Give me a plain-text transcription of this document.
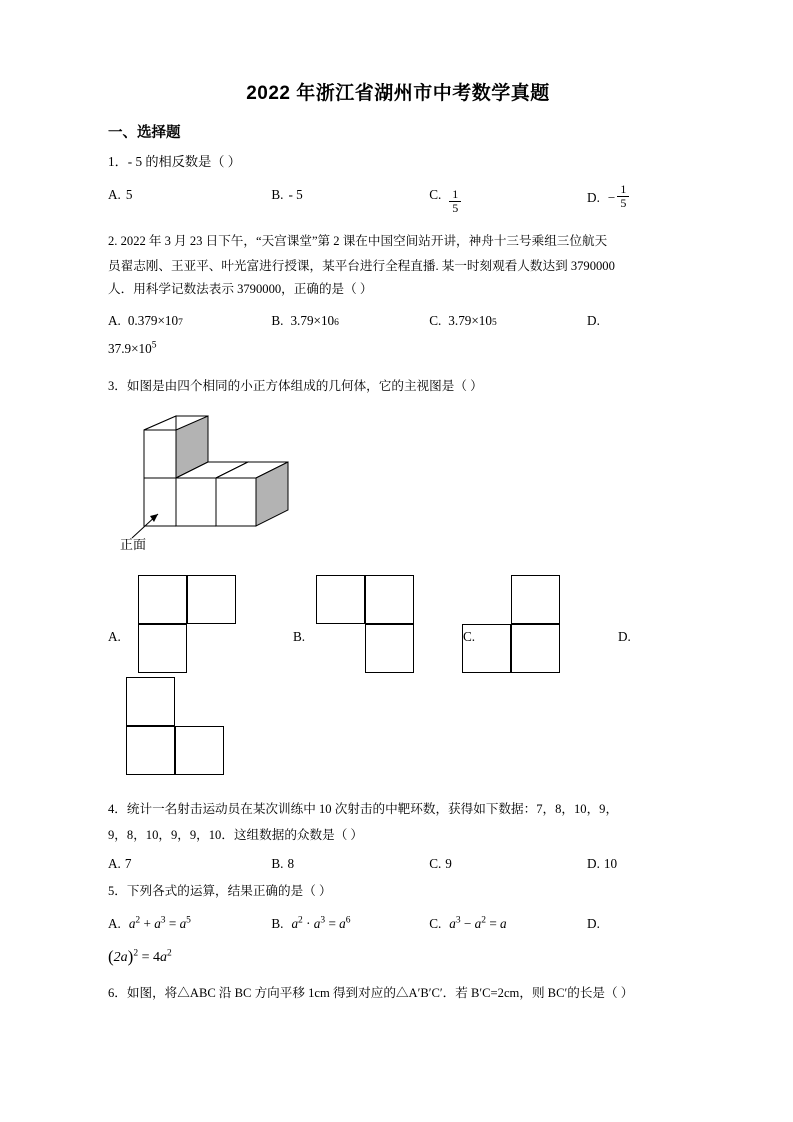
2022 年浙江省湖州市中考数学真题
一、选择题
1．- 5 的相反数是（ ）
A. 5	B. - 5	C. $\frac{1}{5}$	D. − $\frac{1}{5}$
2. 2022 年 3 月 23 日下午，“天宫课堂”第 2 课在中国空间站开讲，神舟十三号乘组三位航天
员翟志刚、王亚平、叶光富进行授课，某平台进行全程直播. 某一时刻观看人数达到 3790000
人．用科学记数法表示 3790000，正确的是（ ）
A. $0.379\times 10_7$	B. $3.79\times 10_6$	C. $3.79\times 10_5$	D.
$37.9\times 10^5$
3．如图是由四个相同的小正方体组成的几何体，它的主视图是（ ）
正面
A.	B.	C.	D.
4．统计一名射击运动员在某次训练中 10 次射击的中靶环数，获得如下数据：7，8，10，9，
9，8，10，9，9，10．这组数据的众数是（ ）
A. 7	B. 8	C. 9	D. 10
5．下列各式的运算，结果正确的是（ ）
A. $a^2 + a^3 = a^5$	B. $a^2 \cdot a^3 = a^6$	C. $a^3 - a^2 = a$	D.
$(2a)^2 = 4a^2$
6．如图，将△ABC 沿 BC 方向平移 1cm 得到对应的△A′B′C′．若 B′C=2cm，则 BC′的长是（ ）
